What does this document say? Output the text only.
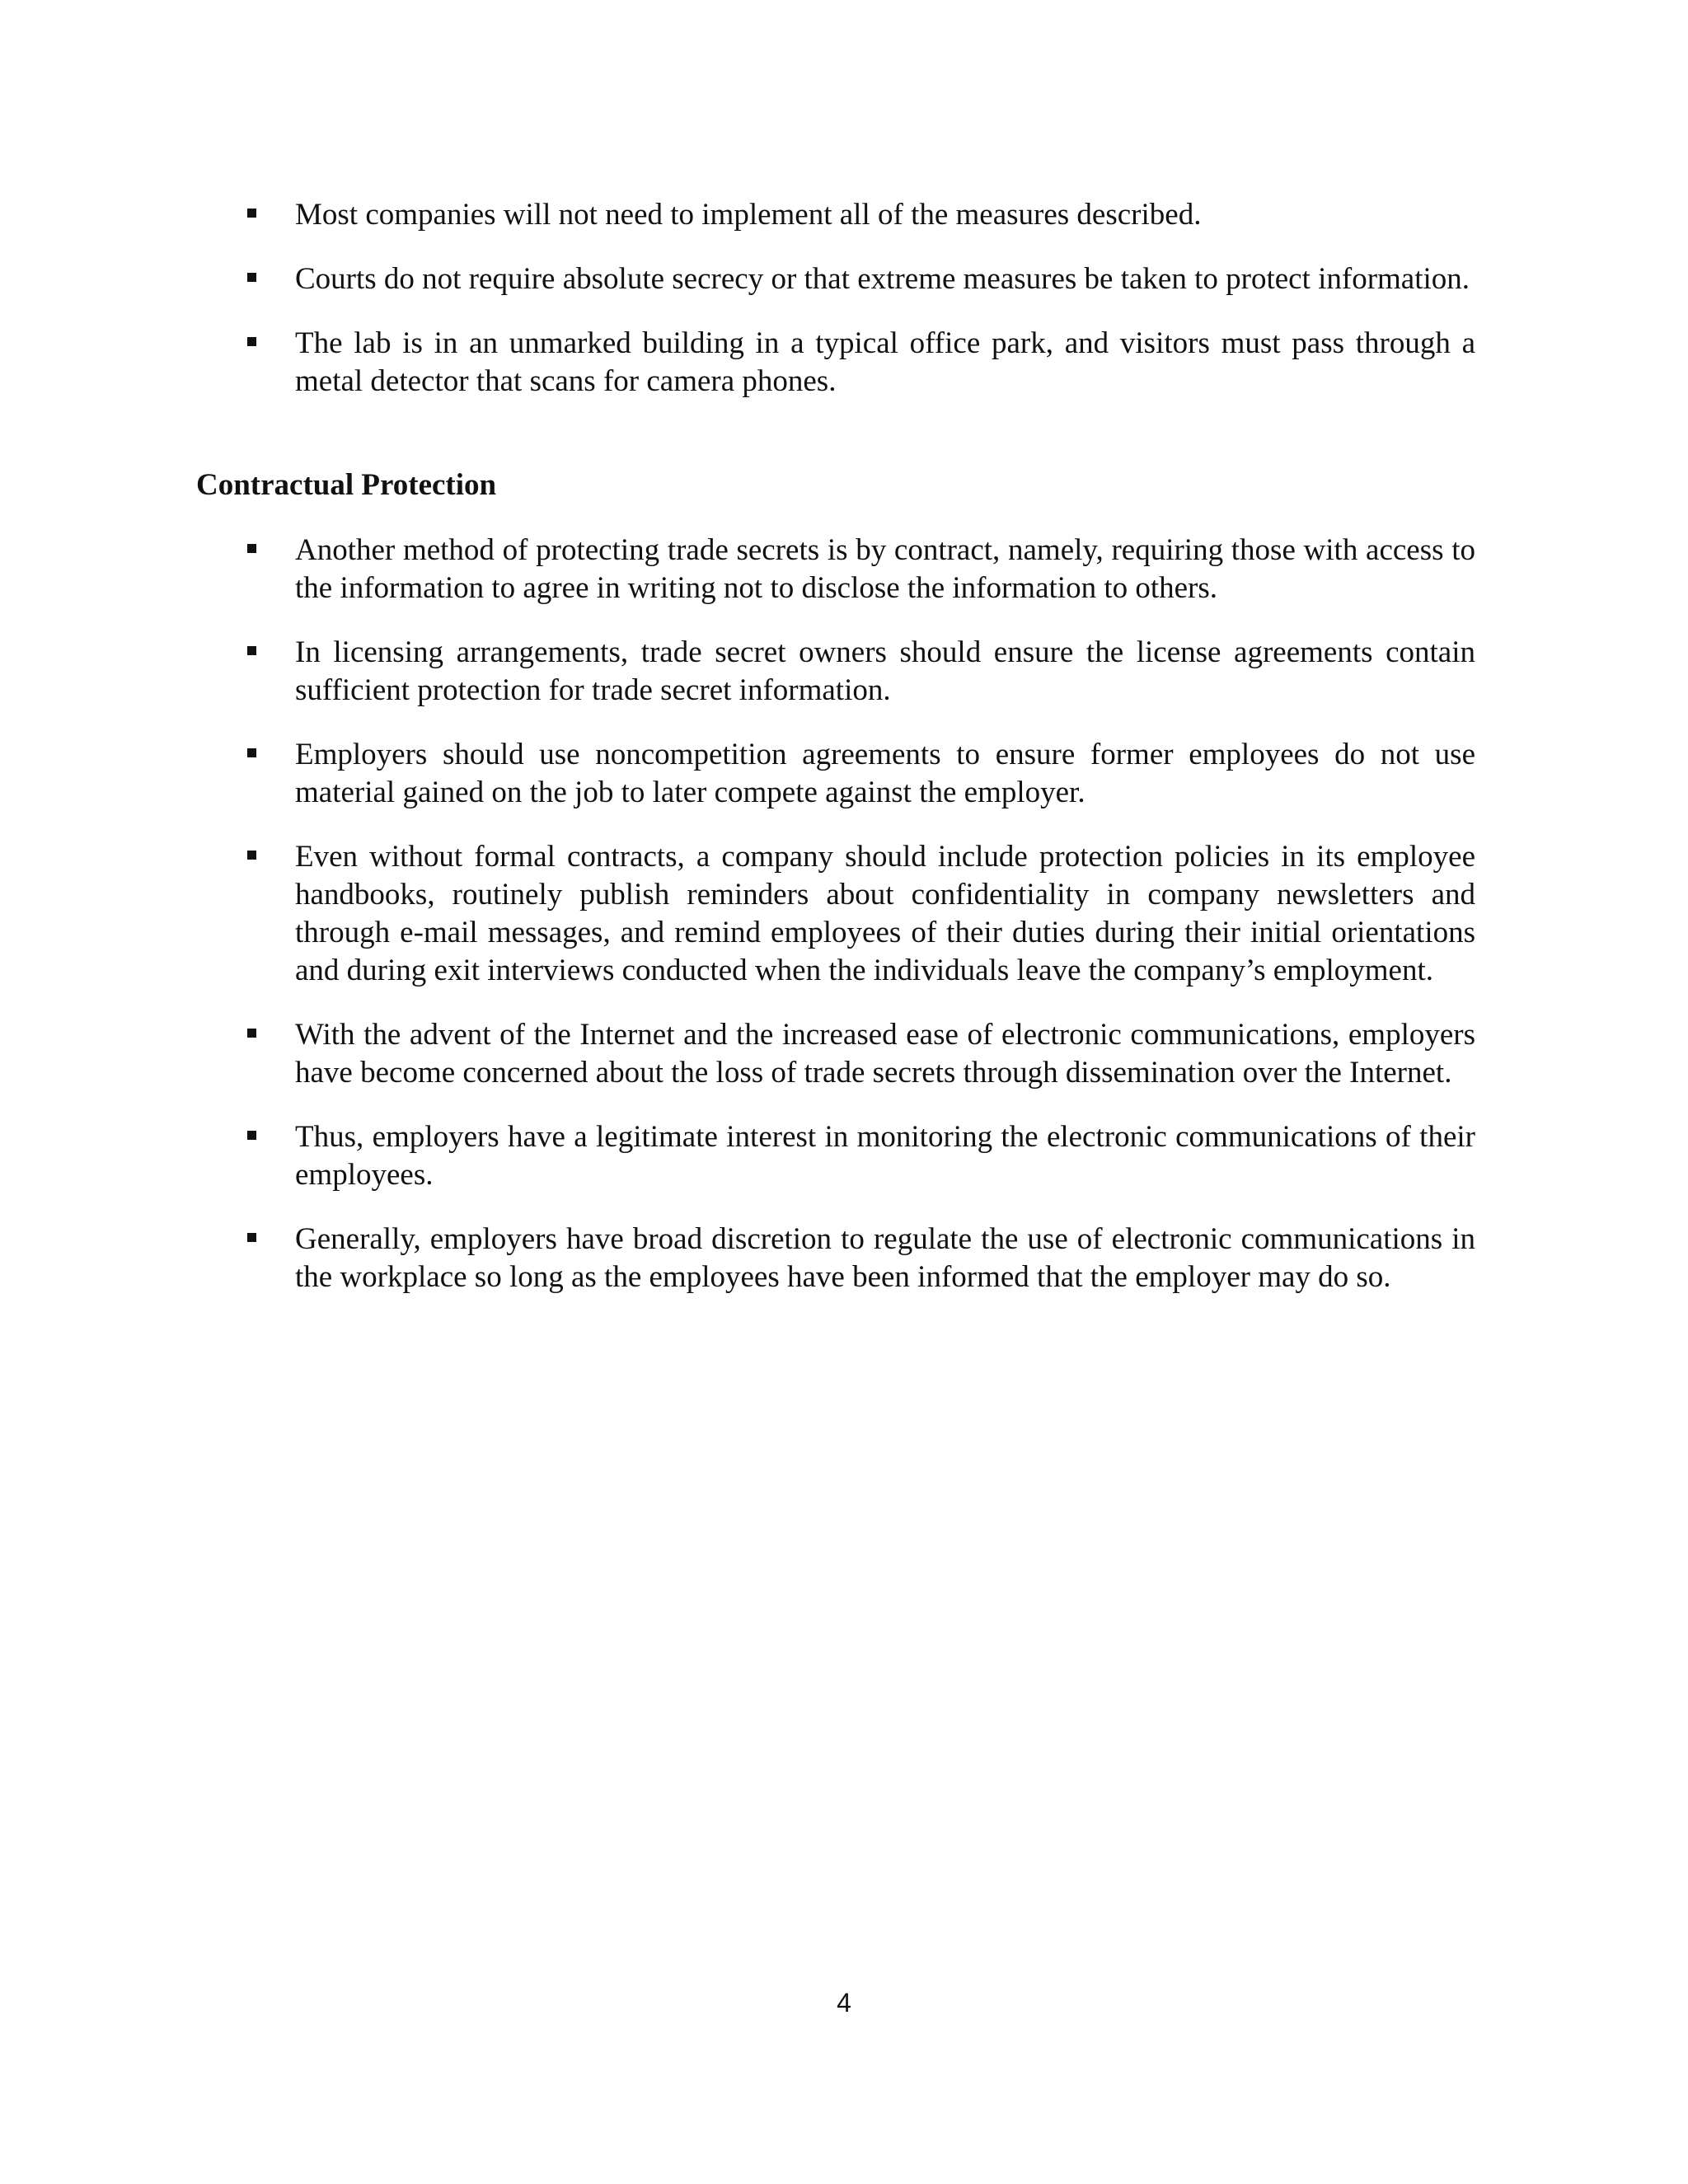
Most companies will not need to implement all of the measures described.
Courts do not require absolute secrecy or that extreme measures be taken to protect information.
The lab is in an unmarked building in a typical office park, and visitors must pass through a metal detector that scans for camera phones.
Contractual Protection
Another method of protecting trade secrets is by contract, namely, requiring those with access to the information to agree in writing not to disclose the information to others.
In licensing arrangements, trade secret owners should ensure the license agreements contain sufficient protection for trade secret information.
Employers should use noncompetition agreements to ensure former employees do not use material gained on the job to later compete against the employer.
Even without formal contracts, a company should include protection policies in its employee handbooks, routinely publish reminders about confidentiality in company newsletters and through e-mail messages, and remind employees of their duties during their initial orientations and during exit interviews conducted when the individuals leave the company’s employment.
With the advent of the Internet and the increased ease of electronic communications, employers have become concerned about the loss of trade secrets through dissemination over the Internet.
Thus, employers have a legitimate interest in monitoring the electronic communications of their employees.
Generally, employers have broad discretion to regulate the use of electronic communications in the workplace so long as the employees have been informed that the employer may do so.
4
